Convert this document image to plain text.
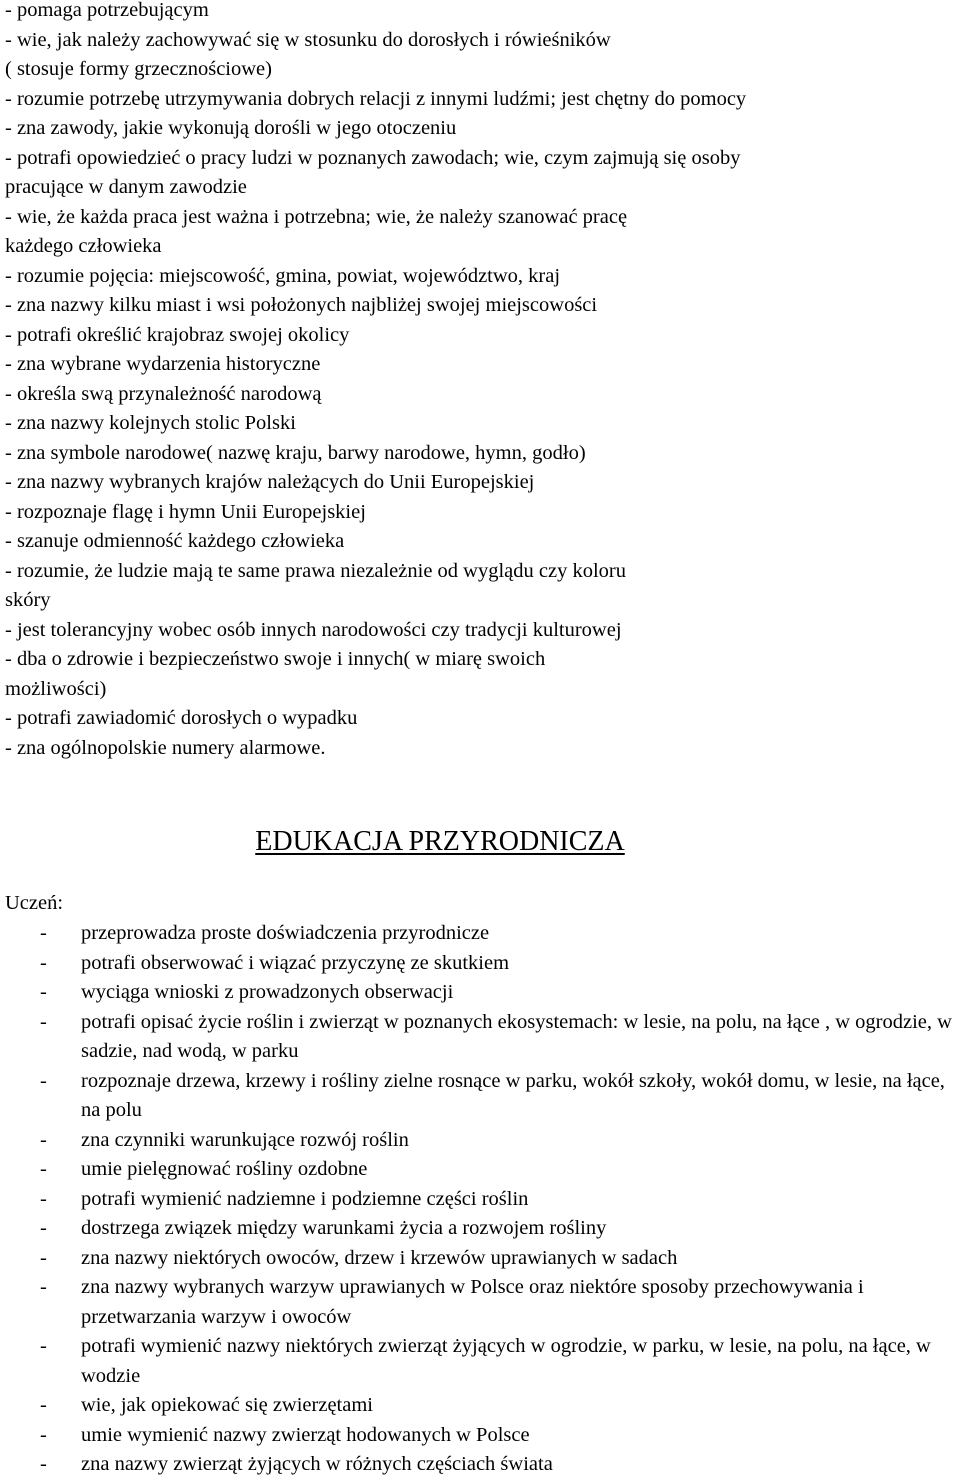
- pomaga potrzebującym
- wie, jak należy zachowywać się w stosunku do dorosłych i rówieśników
( stosuje formy grzecznościowe)
- rozumie potrzebę utrzymywania dobrych relacji z innymi ludźmi; jest chętny do pomocy
- zna zawody, jakie wykonują dorośli w jego otoczeniu
- potrafi opowiedzieć o pracy ludzi w poznanych zawodach; wie, czym zajmują się osoby
pracujące w danym zawodzie
- wie, że każda praca jest ważna i potrzebna; wie, że należy szanować pracę
każdego człowieka
- rozumie pojęcia: miejscowość, gmina, powiat, województwo, kraj
- zna nazwy kilku miast i wsi położonych najbliżej swojej miejscowości
- potrafi określić krajobraz swojej okolicy
- zna wybrane wydarzenia historyczne
- określa swą przynależność narodową
- zna nazwy kolejnych stolic Polski
- zna symbole narodowe( nazwę kraju, barwy narodowe, hymn, godło)
- zna nazwy wybranych krajów należących do Unii Europejskiej
- rozpoznaje flagę i hymn Unii Europejskiej
- szanuje odmienność każdego człowieka
- rozumie, że ludzie mają te same prawa niezależnie od wyglądu czy koloru
skóry
- jest tolerancyjny wobec osób innych narodowości czy tradycji kulturowej
- dba o zdrowie i bezpieczeństwo swoje i innych( w miarę swoich
możliwości)
- potrafi zawiadomić dorosłych o wypadku
- zna ogólnopolskie numery alarmowe.
EDUKACJA PRZYRODNICZA
Uczeń:
- przeprowadza proste doświadczenia przyrodnicze
- potrafi obserwować i wiązać przyczynę ze skutkiem
- wyciąga wnioski z prowadzonych obserwacji
- potrafi opisać życie roślin i zwierząt w poznanych ekosystemach: w lesie, na polu, na łące , w ogrodzie, w sadzie, nad wodą, w parku
- rozpoznaje drzewa, krzewy i rośliny zielne rosnące w parku, wokół szkoły, wokół domu, w lesie, na łące, na polu
- zna czynniki warunkujące rozwój roślin
- umie pielęgnować rośliny ozdobne
- potrafi wymienić nadziemne i podziemne części roślin
- dostrzega związek między warunkami życia a rozwojem rośliny
- zna nazwy niektórych owoców, drzew i krzewów uprawianych w sadach
- zna nazwy wybranych warzyw uprawianych w Polsce oraz niektóre sposoby przechowywania i przetwarzania warzyw i owoców
- potrafi wymienić nazwy niektórych zwierząt żyjących w ogrodzie, w parku, w lesie, na polu, na łące, w wodzie
- wie, jak opiekować się zwierzętami
- umie wymienić nazwy zwierząt hodowanych w Polsce
- zna nazwy zwierząt żyjących w różnych częściach świata
